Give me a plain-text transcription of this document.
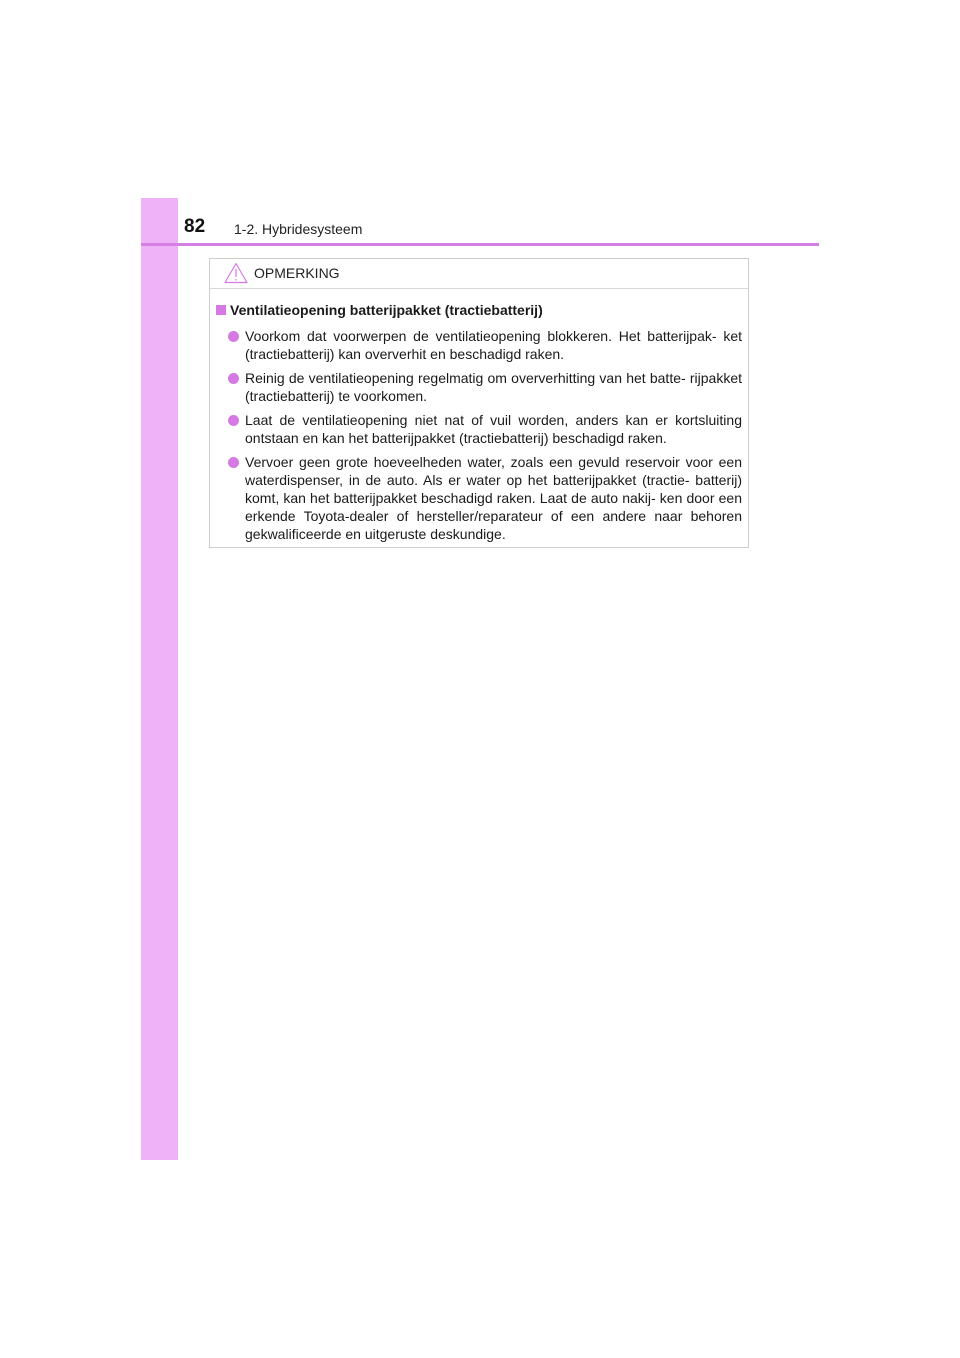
82 1-2. Hybridesysteem
OPMERKING
Ventilatieopening batterijpakket (tractiebatterij)

Voorkom dat voorwerpen de ventilatieopening blokkeren. Het batterijpak- ket (tractiebatterij) kan oververhit en beschadigd raken.

Reinig de ventilatieopening regelmatig om oververhitting van het batte- rijpakket (tractiebatterij) te voorkomen.

Laat de ventilatieopening niet nat of vuil worden, anders kan er kortsluiting ontstaan en kan het batterijpakket (tractiebatterij) beschadigd raken.

Vervoer geen grote hoeveelheden water, zoals een gevuld reservoir voor een waterdispenser, in de auto. Als er water op het batterijpakket (tractie- batterij) komt, kan het batterijpakket beschadigd raken. Laat de auto nakij- ken door een erkende Toyota-dealer of hersteller/reparateur of een andere naar behoren gekwalificeerde en uitgeruste deskundige.
